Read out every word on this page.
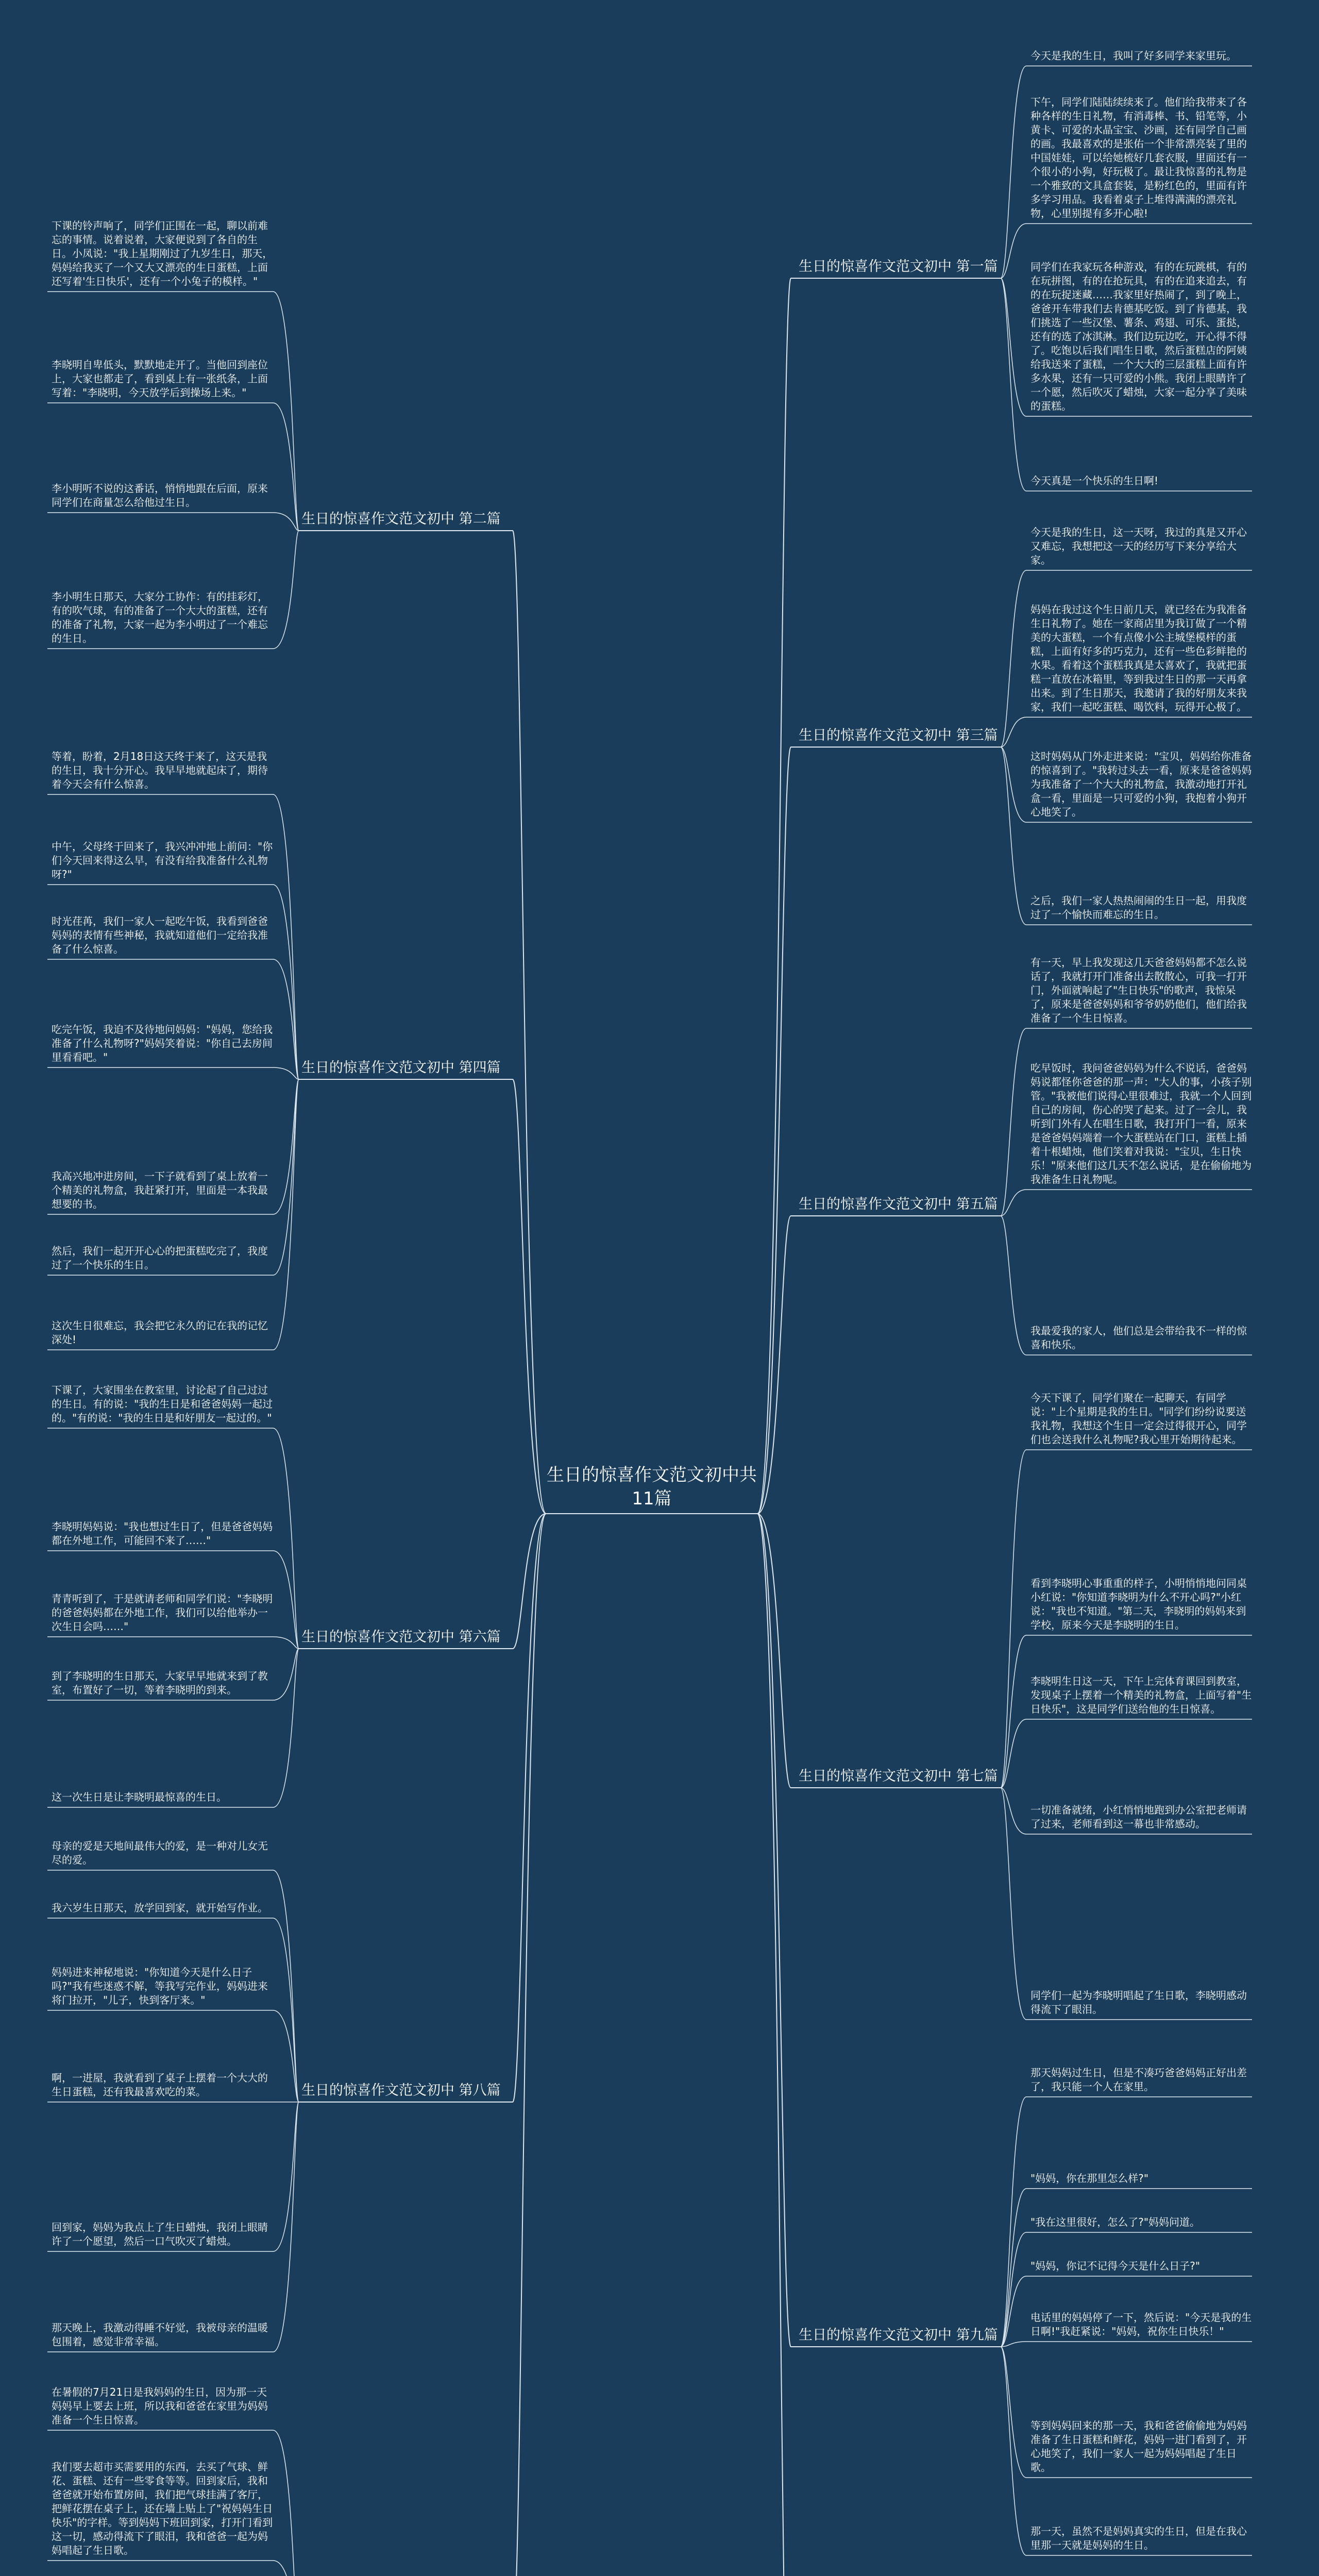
生日的惊喜作文范文初中共11篇
生日的惊喜作文范文初中 第一篇
今天是我的生日，我叫了好多同学来家里玩。
下午，同学们陆陆续续来了。他们给我带来了各种各样的生日礼物，有消毒棒、书、铅笔等，小黄卡、可爱的水晶宝宝、沙画，还有同学自己画的画。我最喜欢的是张佑一个非常漂亮装了里的中国娃娃，可以给她梳好几套衣服，里面还有一个很小的小狗，好玩极了。最让我惊喜的礼物是一个雅致的文具盒套装，是粉红色的，里面有许多学习用品。我看着桌子上堆得满满的漂亮礼物，心里别提有多开心啦!
同学们在我家玩各种游戏，有的在玩跳棋，有的在玩拼图，有的在抢玩具，有的在追来追去，有的在玩捉迷藏……我家里好热闹了，到了晚上，爸爸开车带我们去肯德基吃饭。到了肯德基，我们挑选了一些汉堡、薯条、鸡翅、可乐、蛋挞，还有的选了冰淇淋。我们边玩边吃，开心得不得了。吃饱以后我们唱生日歌，然后蛋糕店的阿姨给我送来了蛋糕，一个大大的三层蛋糕上面有许多水果，还有一只可爱的小熊。我闭上眼睛许了一个愿，然后吹灭了蜡烛，大家一起分享了美味的蛋糕。
今天真是一个快乐的生日啊!
生日的惊喜作文范文初中 第三篇
今天是我的生日，这一天呀，我过的真是又开心又难忘，我想把这一天的经历写下来分享给大家。
妈妈在我过这个生日前几天，就已经在为我准备生日礼物了。她在一家商店里为我订做了一个精美的大蛋糕，一个有点像小公主城堡模样的蛋糕，上面有好多的巧克力，还有一些色彩鲜艳的水果。看着这个蛋糕我真是太喜欢了，我就把蛋糕一直放在冰箱里，等到我过生日的那一天再拿出来。到了生日那天，我邀请了我的好朋友来我家，我们一起吃蛋糕、喝饮料，玩得开心极了。
这时妈妈从门外走进来说："宝贝，妈妈给你准备的惊喜到了。"我转过头去一看，原来是爸爸妈妈为我准备了一个大大的礼物盒，我激动地打开礼盒一看，里面是一只可爱的小狗，我抱着小狗开心地笑了。
之后，我们一家人热热闹闹的生日一起，用我度过了一个愉快而难忘的生日。
生日的惊喜作文范文初中 第五篇
有一天，早上我发现这几天爸爸妈妈都不怎么说话了，我就打开门准备出去散散心，可我一打开门，外面就响起了"生日快乐"的歌声，我惊呆了，原来是爸爸妈妈和爷爷奶奶他们，他们给我准备了一个生日惊喜。
吃早饭时，我问爸爸妈妈为什么不说话，爸爸妈妈说都怪你爸爸的那一声："大人的事，小孩子别管。"我被他们说得心里很难过，我就一个人回到自己的房间，伤心的哭了起来。过了一会儿，我听到门外有人在唱生日歌，我打开门一看，原来是爸爸妈妈端着一个大蛋糕站在门口，蛋糕上插着十根蜡烛，他们笑着对我说："宝贝，生日快乐！"原来他们这几天不怎么说话，是在偷偷地为我准备生日礼物呢。
我最爱我的家人，他们总是会带给我不一样的惊喜和快乐。
生日的惊喜作文范文初中 第七篇
今天下课了，同学们聚在一起聊天，有同学说："上个星期是我的生日。"同学们纷纷说要送我礼物，我想这个生日一定会过得很开心，同学们也会送我什么礼物呢?我心里开始期待起来。
看到李晓明心事重重的样子，小明悄悄地问同桌小红说："你知道李晓明为什么不开心吗?"小红说："我也不知道。"第二天，李晓明的妈妈来到学校，原来今天是李晓明的生日。
李晓明生日这一天，下午上完体育课回到教室，发现桌子上摆着一个精美的礼物盒，上面写着"生日快乐"，这是同学们送给他的生日惊喜。
一切准备就绪，小红悄悄地跑到办公室把老师请了过来，老师看到这一幕也非常感动。
同学们一起为李晓明唱起了生日歌，李晓明感动得流下了眼泪。
生日的惊喜作文范文初中 第九篇
那天妈妈过生日，但是不凑巧爸爸妈妈正好出差了，我只能一个人在家里。
"妈妈，你在那里怎么样?"
"我在这里很好，怎么了?"妈妈问道。
"妈妈，你记不记得今天是什么日子?"
电话里的妈妈停了一下，然后说："今天是我的生日啊!"我赶紧说："妈妈，祝你生日快乐！"
等到妈妈回来的那一天，我和爸爸偷偷地为妈妈准备了生日蛋糕和鲜花，妈妈一进门看到了，开心地笑了，我们一家人一起为妈妈唱起了生日歌。
那一天，虽然不是妈妈真实的生日，但是在我心里那一天就是妈妈的生日。
生日的惊喜作文范文初中 第二篇
下课的铃声响了，同学们正围在一起，聊以前难忘的事情。说着说着，大家便说到了各自的生日。小凤说："我上星期刚过了九岁生日，那天，妈妈给我买了一个又大又漂亮的生日蛋糕，上面还写着'生日快乐'，还有一个小兔子的模样。"
李晓明自卑低头，默默地走开了。当他回到座位上，大家也都走了，看到桌上有一张纸条，上面写着："李晓明，今天放学后到操场上来。"
李小明听不说的这番话，悄悄地跟在后面，原来同学们在商量怎么给他过生日。
李小明生日那天，大家分工协作：有的挂彩灯，有的吹气球，有的准备了一个大大的蛋糕，还有的准备了礼物，大家一起为李小明过了一个难忘的生日。
生日的惊喜作文范文初中 第四篇
等着，盼着，2月18日这天终于来了，这天是我的生日，我十分开心。我早早地就起床了，期待着今天会有什么惊喜。
中午，父母终于回来了，我兴冲冲地上前问："你们今天回来得这么早，有没有给我准备什么礼物呀?"
时光荏苒，我们一家人一起吃午饭，我看到爸爸妈妈的表情有些神秘，我就知道他们一定给我准备了什么惊喜。
吃完午饭，我迫不及待地问妈妈："妈妈，您给我准备了什么礼物呀?"妈妈笑着说："你自己去房间里看看吧。"
我高兴地冲进房间，一下子就看到了桌上放着一个精美的礼物盒，我赶紧打开，里面是一本我最想要的书。
然后，我们一起开开心心的把蛋糕吃完了，我度过了一个快乐的生日。
这次生日很难忘，我会把它永久的记在我的记忆深处!
生日的惊喜作文范文初中 第六篇
下课了，大家围坐在教室里，讨论起了自己过过的生日。有的说："我的生日是和爸爸妈妈一起过的。"有的说："我的生日是和好朋友一起过的。"
李晓明妈妈说："我也想过生日了，但是爸爸妈妈都在外地工作，可能回不来了……"
青青听到了，于是就请老师和同学们说："李晓明的爸爸妈妈都在外地工作，我们可以给他举办一次生日会吗……"
到了李晓明的生日那天，大家早早地就来到了教室，布置好了一切，等着李晓明的到来。
这一次生日是让李晓明最惊喜的生日。
生日的惊喜作文范文初中 第八篇
母亲的爱是天地间最伟大的爱，是一种对儿女无尽的爱。
我六岁生日那天，放学回到家，就开始写作业。
妈妈进来神秘地说："你知道今天是什么日子吗?"我有些迷惑不解，等我写完作业，妈妈进来将门拉开，"儿子，快到客厅来。"
啊，一进屋，我就看到了桌子上摆着一个大大的生日蛋糕，还有我最喜欢吃的菜。
回到家，妈妈为我点上了生日蜡烛，我闭上眼睛许了一个愿望，然后一口气吹灭了蜡烛。
那天晚上，我激动得睡不好觉，我被母亲的温暖包围着，感觉非常幸福。
在暑假的7月21日是我妈妈的生日，因为那一天妈妈早上要去上班，所以我和爸爸在家里为妈妈准备一个生日惊喜。
我们要去超市买需要用的东西，去买了气球、鲜花、蛋糕、还有一些零食等等。回到家后，我和爸爸就开始布置房间，我们把气球挂满了客厅，把鲜花摆在桌子上，还在墙上贴上了"祝妈妈生日快乐"的字样。等到妈妈下班回到家，打开门看到这一切，感动得流下了眼泪，我和爸爸一起为妈妈唱起了生日歌。
